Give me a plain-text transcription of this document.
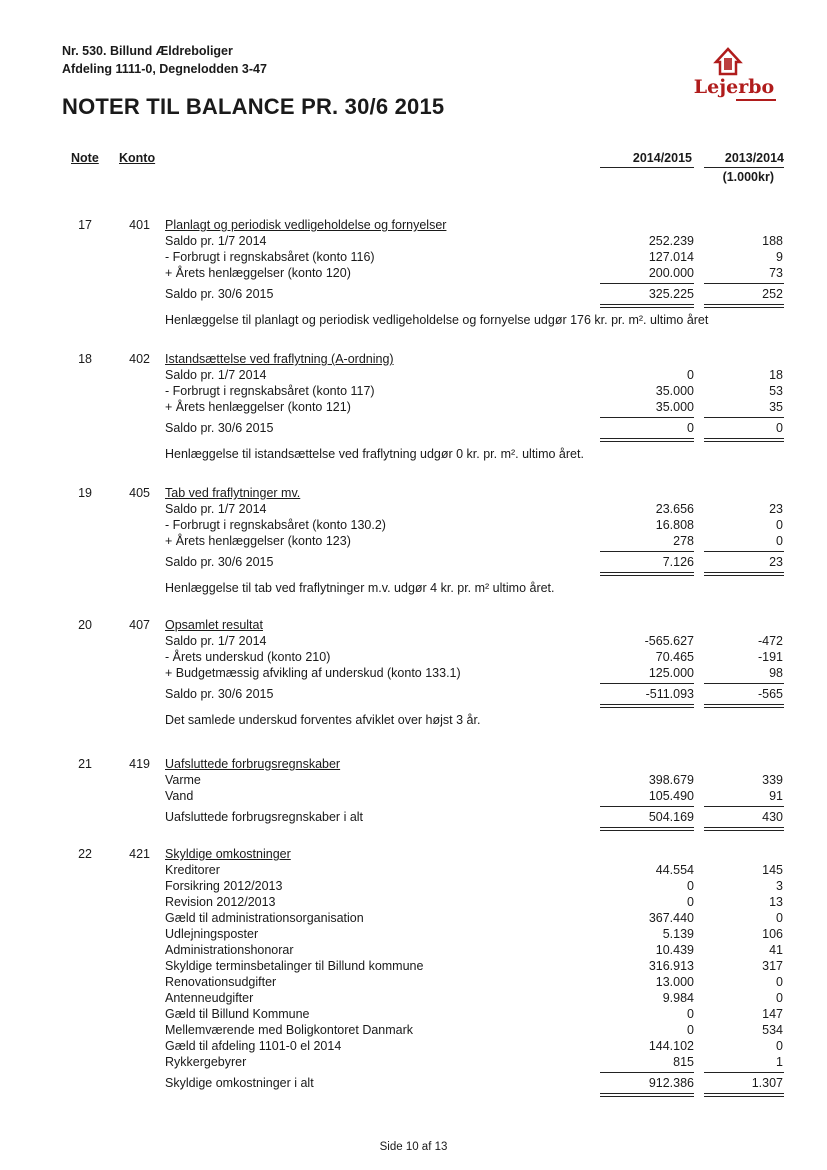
Nr. 530. Billund Ældreboliger
Afdeling 1111-0, Degnelodden 3-47
NOTER TIL BALANCE PR. 30/6 2015
Lejerbo
Note Konto	2014/2015	2013/2014
(1.000kr)
17	401 Planlagt og periodisk vedligeholdelse og fornyelser
Saldo pr. 1/7 2014	252.239	188
- Forbrugt i regnskabsåret (konto 116)	127.014	9
+ Årets henlæggelser (konto 120)	200.000	73
Saldo pr. 30/6 2015	325.225	252
Henlæggelse til planlagt og periodisk vedligeholdelse og fornyelse udgør 176 kr. pr. m². ultimo året
18	402 Istandsættelse ved fraflytning (A-ordning)
Saldo pr. 1/7 2014	0	18
- Forbrugt i regnskabsåret (konto 117)	35.000	53
+ Årets henlæggelser (konto 121)	35.000	35
Saldo pr. 30/6 2015	0	0
Henlæggelse til istandsættelse ved fraflytning udgør 0 kr. pr. m². ultimo året.
19	405 Tab ved fraflytninger mv.
Saldo pr. 1/7 2014	23.656	23
- Forbrugt i regnskabsåret (konto 130.2)	16.808	0
+ Årets henlæggelser (konto 123)	278	0
Saldo pr. 30/6 2015	7.126	23
Henlæggelse til tab ved fraflytninger m.v. udgør 4 kr. pr. m² ultimo året.
20	407 Opsamlet resultat
Saldo pr. 1/7 2014	-565.627	-472
- Årets underskud (konto 210)	70.465	-191
+ Budgetmæssig afvikling af underskud (konto 133.1)	125.000	98
Saldo pr. 30/6 2015	-511.093	-565
Det samlede underskud forventes afviklet over højst 3 år.
21	419 Uafsluttede forbrugsregnskaber
Varme	398.679	339
Vand	105.490	91
Uafsluttede forbrugsregnskaber i alt	504.169	430
22	421 Skyldige omkostninger
Kreditorer	44.554	145
Forsikring 2012/2013	0	3
Revision 2012/2013	0	13
Gæld til administrationsorganisation	367.440	0
Udlejningsposter	5.139	106
Administrationshonorar	10.439	41
Skyldige terminsbetalinger til Billund kommune	316.913	317
Renovationsudgifter	13.000	0
Antenneudgifter	9.984	0
Gæld til Billund Kommune	0	147
Mellemværende med Boligkontoret Danmark	0	534
Gæld til afdeling 1101-0 el 2014	144.102	0
Rykkergebyrer	815	1
Skyldige omkostninger i alt	912.386	1.307
Side 10 af 13
